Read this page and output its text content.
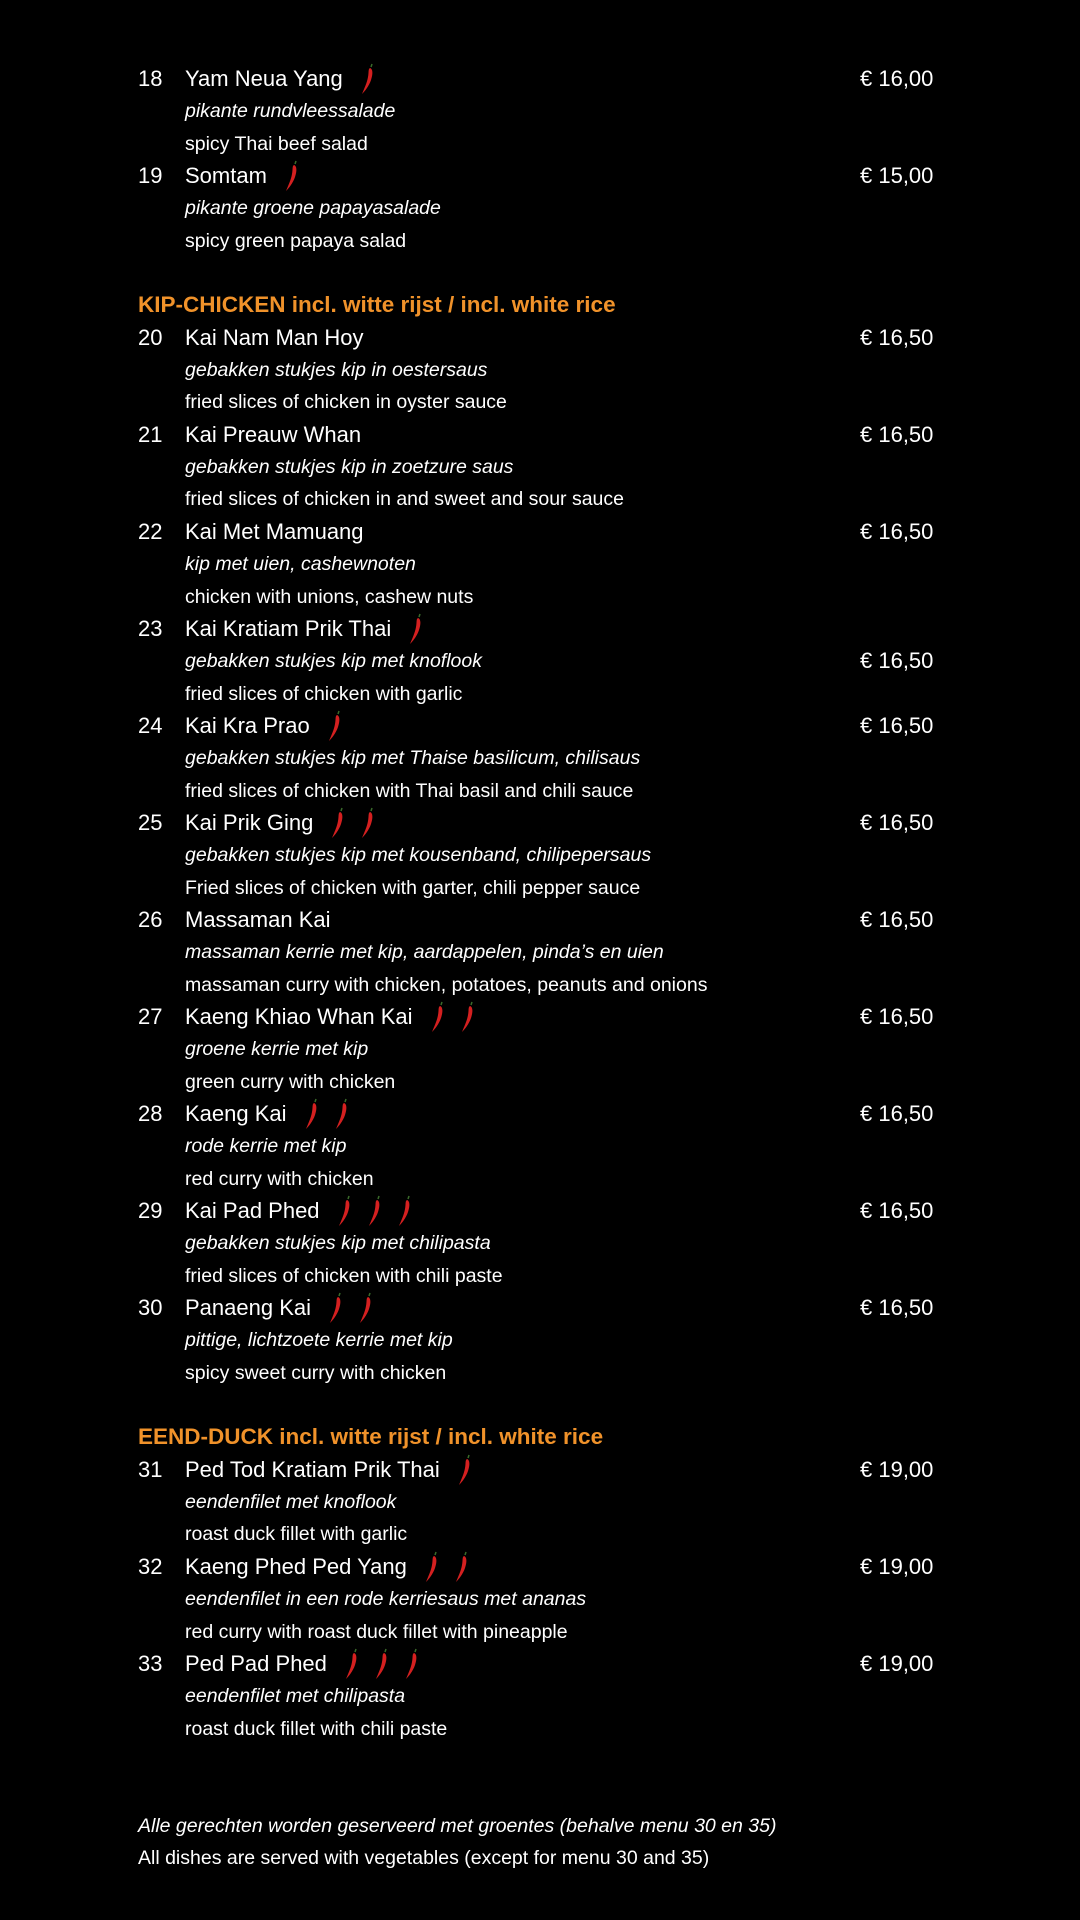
18 Yam Neua Yang	€ 16,00
pikante rundvleessalade
spicy Thai beef salad
19 Somtam	€ 15,00
pikante groene papayasalade
spicy green papaya salad
KIP-CHICKEN incl. witte rijst / incl. white rice
20 Kai Nam Man Hoy	€ 16,50
gebakken stukjes kip in oestersaus
fried slices of chicken in oyster sauce
21 Kai Preauw Whan	€ 16,50
gebakken stukjes kip in zoetzure saus
fried slices of chicken in and sweet and sour sauce
22 Kai Met Mamuang	€ 16,50
kip met uien, cashewnoten
chicken with unions, cashew nuts
23 Kai Kratiam Prik Thai
gebakken stukjes kip met knoflook	€ 16,50
fried slices of chicken with garlic
24 Kai Kra Prao	€ 16,50
gebakken stukjes kip met Thaise basilicum, chilisaus
fried slices of chicken with Thai basil and chili sauce
25 Kai Prik Ging	€ 16,50
gebakken stukjes kip met kousenband, chilipepersaus
Fried slices of chicken with garter, chili pepper sauce
26 Massaman Kai	€ 16,50
massaman kerrie met kip, aardappelen, pinda’s en uien
massaman curry with chicken, potatoes, peanuts and onions
27 Kaeng Khiao Whan Kai	€ 16,50
groene kerrie met kip
green curry with chicken
28 Kaeng Kai	€ 16,50
rode kerrie met kip
red curry with chicken
29 Kai Pad Phed	€ 16,50
gebakken stukjes kip met chilipasta
fried slices of chicken with chili paste
30 Panaeng Kai	€ 16,50
pittige, lichtzoete kerrie met kip
spicy sweet curry with chicken
EEND-DUCK incl. witte rijst / incl. white rice
31 Ped Tod Kratiam Prik Thai	€ 19,00
eendenfilet met knoflook
roast duck fillet with garlic
32 Kaeng Phed Ped Yang	€ 19,00
eendenfilet in een rode kerriesaus met ananas
red curry with roast duck fillet with pineapple
33 Ped Pad Phed	€ 19,00
eendenfilet met chilipasta
roast duck fillet with chili paste
Alle gerechten worden geserveerd met groentes (behalve menu 30 en 35)
All dishes are served with vegetables (except for menu 30 and 35)
